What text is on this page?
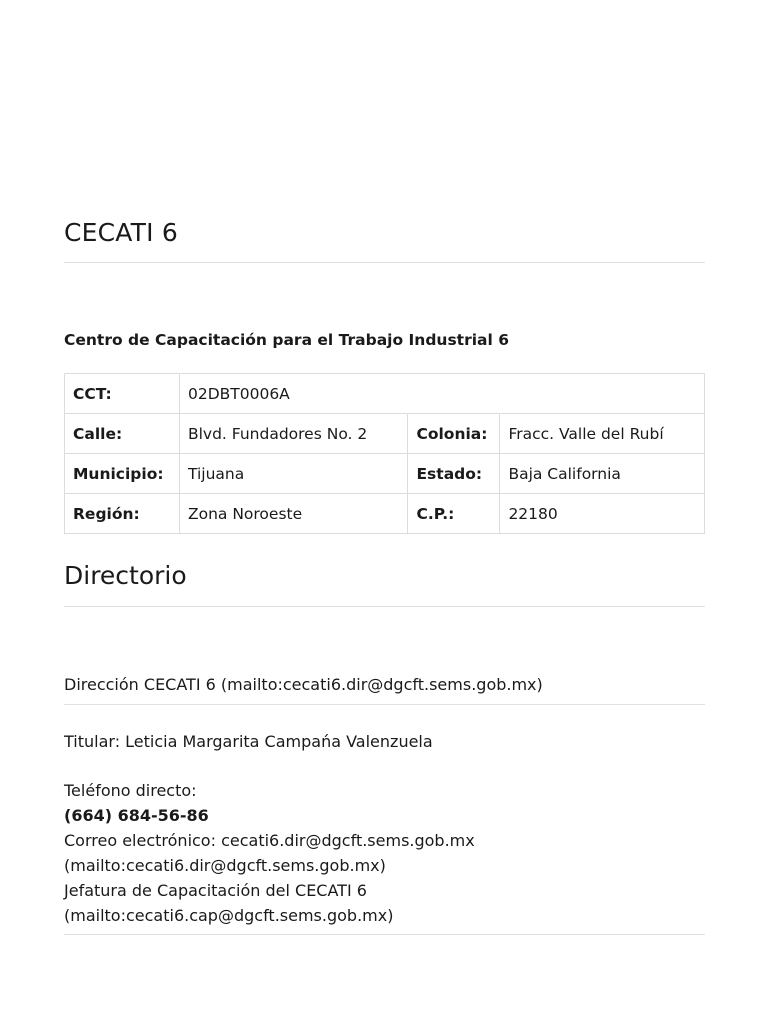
CECATI 6
Centro de Capacitación para el Trabajo Industrial 6
CCT:	02DBT0006A		
Calle:	Blvd. Fundadores No. 2	Colonia:	Fracc. Valle del Rubí
Municipio:	Tijuana	Estado:	Baja California
Región:	Zona Noroeste	C.P.:	22180
Directorio

Dirección CECATI 6 (mailto:cecati6.dir@dgcft.sems.gob.mx)

Titular: Leticia Margarita Campańa Valenzuela

Teléfono directo:

(664) 684-56-86

Correo electrónico: cecati6.dir@dgcft.sems.gob.mx

(mailto:cecati6.dir@dgcft.sems.gob.mx)

Jefatura de Capacitación del CECATI 6

(mailto:cecati6.cap@dgcft.sems.gob.mx)
